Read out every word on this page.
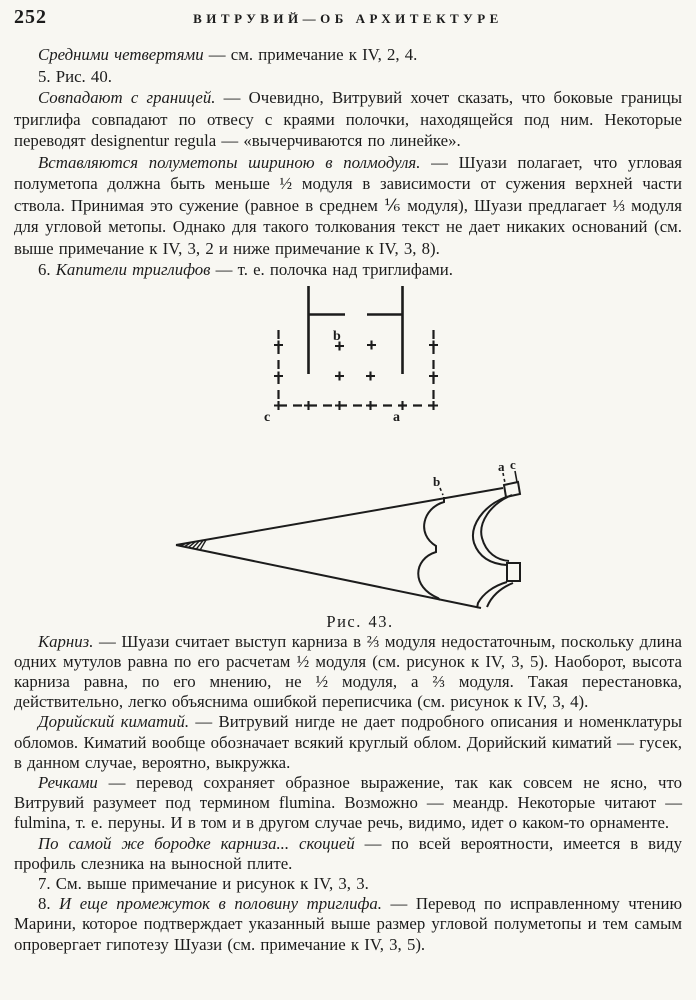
252	ВИТРУВИЙ—ОБ АРХИТЕКТУРЕ

Средними четвертями — см. примечание к IV, 2, 4.

5. Рис. 40.

Совпадают с границей. — Очевидно, Витрувий хочет сказать, что боковые границы триглифа совпадают по отвесу с краями полочки, находящейся под ним. Некоторые переводят designentur regula — «вычерчиваются по линейке».

Вставляются полуметопы шириною в полмодуля. — Шуази полагает, что угловая полуметопа должна быть меньше ½ модуля в зависимости от сужения верхней части ствола. Принимая это сужение (равное в среднем ⅙ модуля), Шуази предлагает ⅓ модуля для угловой метопы. Однако для такого толкования текст не дает никаких оснований (см. выше примечание к IV, 3, 2 и ниже примечание к IV, 3, 8).

6. Капители триглифов — т. е. полочка над триглифами.

b
c	a
b
a c

Рис. 43.

Карниз. — Шуази считает выступ карниза в ⅔ модуля недостаточным, поскольку длина одних мутулов равна по его расчетам ½ модуля (см. рисунок к IV, 3, 5). Наоборот, высота карниза равна, по его мнению, не ½ модуля, а ⅔ модуля. Такая перестановка, действительно, легко объяснима ошибкой переписчика (см. рисунок к IV, 3, 4).

Дорийский киматий. — Витрувий нигде не дает подробного описания и номенклатуры обломов. Киматий вообще обозначает всякий круглый облом. Дорийский киматий — гусек, в данном случае, вероятно, выкружка.

Речками — перевод сохраняет образное выражение, так как совсем не ясно, что Витрувий разумеет под термином flumina. Возможно — меандр. Некоторые читают — fulmina, т. е. перуны. И в том и в другом случае речь, видимо, идет о каком-то орнаменте.

По самой же бородке карниза... скоцией — по всей вероятности, имеется в виду профиль слезника на выносной плите.

7. См. выше примечание и рисунок к IV, 3, 3.

8. И еще промежуток в половину триглифа. — Перевод по исправленному чтению Марини, которое подтверждает указанный выше размер угловой полуметопы и тем самым опровергает гипотезу Шуази (см. примечание к IV, 3, 5).
